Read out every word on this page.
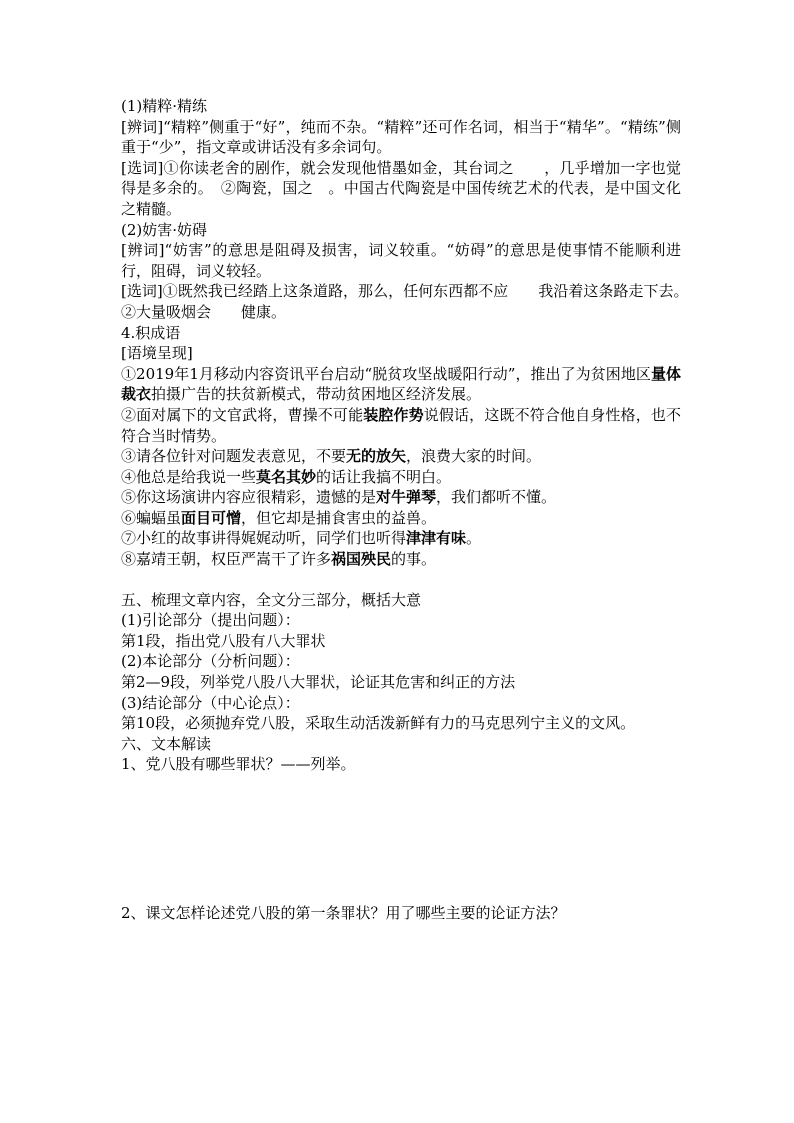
(1)精粹·精练
[辨词]“精粹”侧重于“好”，纯而不杂。“精粹”还可作名词，相当于“精华”。“精练”侧重于“少”，指文章或讲话没有多余词句。
[选词]①你读老舍的剧作，就会发现他惜墨如金，其台词之　　，几乎增加一字也觉得是多余的。　②陶瓷，国之　。中国古代陶瓷是中国传统艺术的代表，是中国文化之精髓。
(2)妨害·妨碍
[辨词]“妨害”的意思是阻碍及损害，词义较重。“妨碍”的意思是使事情不能顺利进行，阻碍，词义较轻。
[选词]①既然我已经踏上这条道路，那么，任何东西都不应　　我沿着这条路走下去。　②大量吸烟会　　健康。
4.积成语
[语境呈现]
①2019年1月移动内容资讯平台启动“脱贫攻坚战暖阳行动”，推出了为贫困地区量体裁衣拍摄广告的扶贫新模式，带动贫困地区经济发展。
②面对属下的文官武将，曹操不可能装腔作势说假话，这既不符合他自身性格，也不符合当时情势。
③请各位针对问题发表意见，不要无的放矢，浪费大家的时间。
④他总是给我说一些莫名其妙的话让我搞不明白。
⑤你这场演讲内容应很精彩，遗憾的是对牛弹琴，我们都听不懂。
⑥蝙蝠虽面目可憎，但它却是捕食害虫的益兽。
⑦小红的故事讲得娓娓动听，同学们也听得津津有味。
⑧嘉靖王朝，权臣严嵩干了许多祸国殃民的事。
五、梳理文章内容，全文分三部分，概括大意
(1)引论部分（提出问题）：
第1段，指出党八股有八大罪状
(2)本论部分（分析问题）：
第2—9段，列举党八股八大罪状，论证其危害和纠正的方法
(3)结论部分（中心论点）：
第10段，必须抛弃党八股，采取生动活泼新鲜有力的马克思列宁主义的文风。
六、文本解读
1、党八股有哪些罪状？——列举。
2、课文怎样论述党八股的第一条罪状？用了哪些主要的论证方法？
